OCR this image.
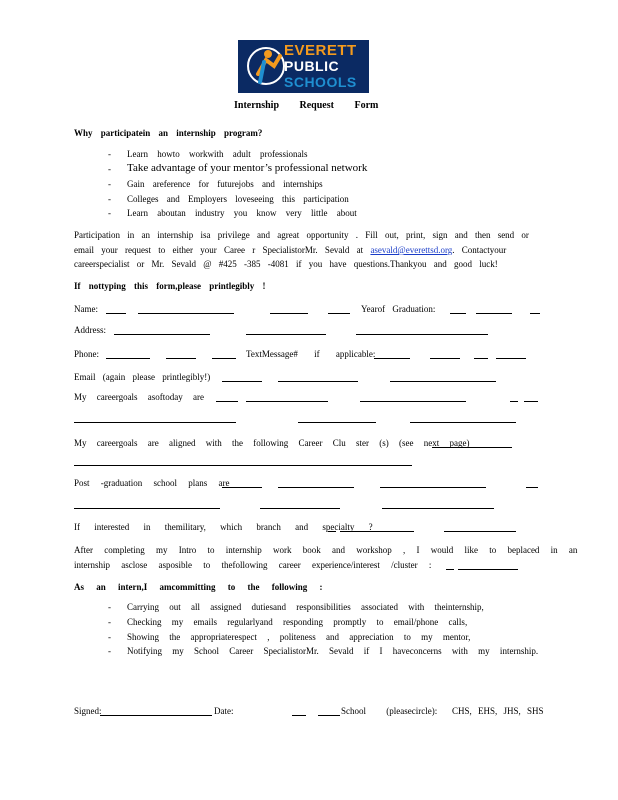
EVERETT
PUBLIC
SCHOOLS
Internship Request Form
Why participatein an internship program?
- Learn howto workwith adult professionals
- Take advantage of your mentor’s professional network
- Gain areference for futurejobs and internships
- Colleges and Employers loveseeing this participation
- Learn aboutan industry you know very little about
Participation in an internship isa privilege and agreat opportunity . Fill out, print, sign and then send or
email your request to either your Caree r SpecialistorMr. Sevald at asevald@everettsd.org. Contactyour
careerspecialist or Mr. Sevald @ #425 -385 -4081 if you have questions.Thankyou and good luck!
If nottyping this form,please printlegibly !
Name:	Yearof Graduation:
Address:
Phone:	TextMessage# if applicable:
Email (again please printlegibly!)
My careergoals asoftoday are
My careergoals are aligned with the following Career Clu ster (s) (see next page)
Post -graduation school plans are
If interested in themilitary, which branch and specialty ?
After completing my Intro to internship work book and workshop , I would like to beplaced in an
internship asclose asposible to thefollowing career experience/interest /cluster :
As an intern,I amcommitting to the following :
- Carrying out all assigned dutiesand responsibilities associated with theinternship,
- Checking my emails regularlyand responding promptly to email/phone calls,
- Showing the appropriaterespect , politeness and appreciation to my mentor,
- Notifying my School Career SpecialistorMr. Sevald if I haveconcerns with my internship.
Signed:	Date:	School (pleasecircle): CHS, EHS, JHS, SHS
